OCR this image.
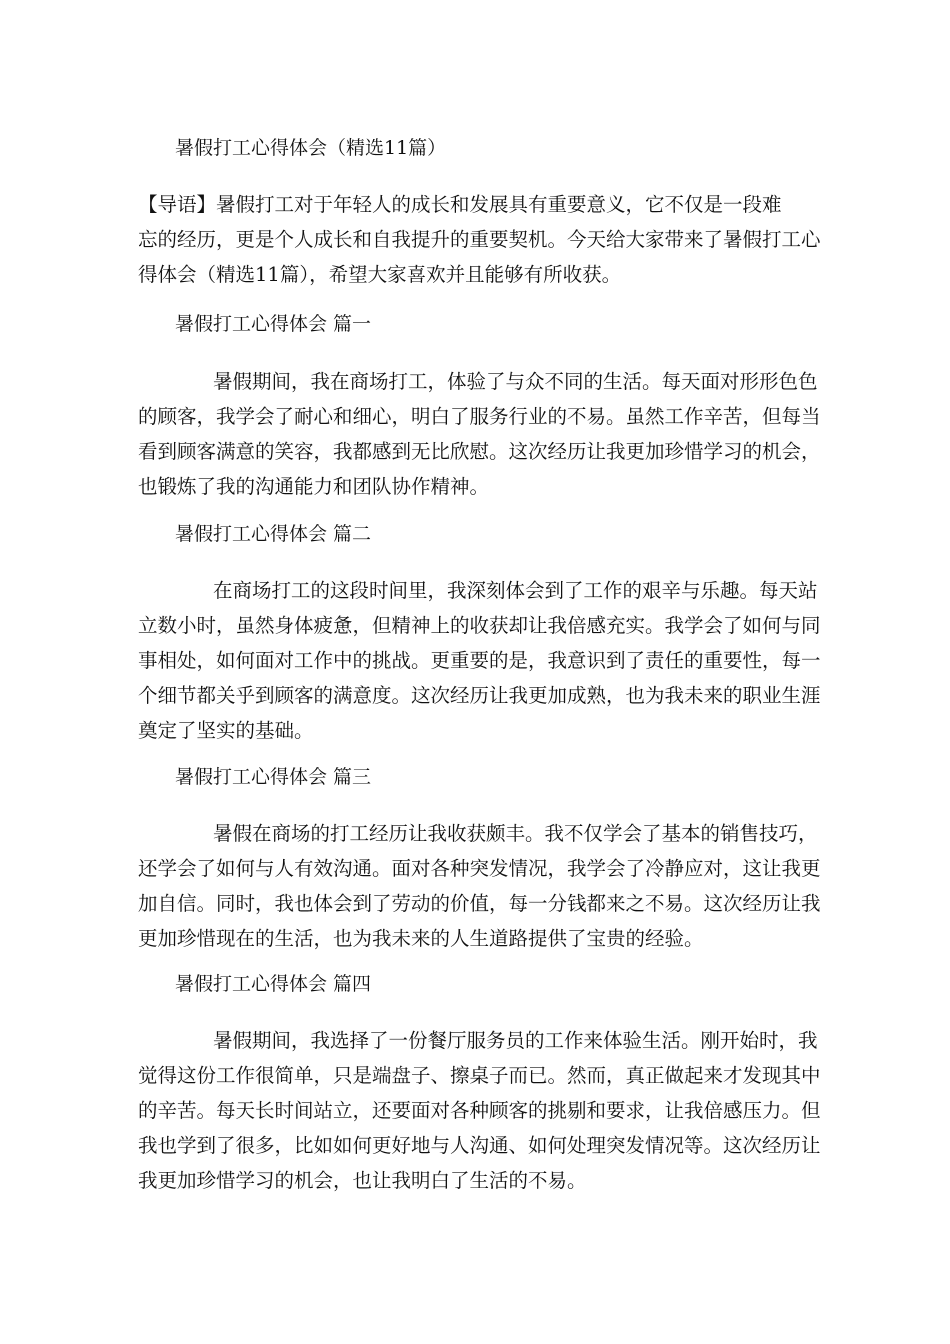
暑假打工心得体会（精选11篇）
【导语】暑假打工对于年轻人的成长和发展具有重要意义，它不仅是一段难
忘的经历，更是个人成长和自我提升的重要契机。今天给大家带来了暑假打工心
得体会（精选11篇），希望大家喜欢并且能够有所收获。
暑假打工心得体会 篇一
暑假期间，我在商场打工，体验了与众不同的生活。每天面对形形色色
的顾客，我学会了耐心和细心，明白了服务行业的不易。虽然工作辛苦，但每当
看到顾客满意的笑容，我都感到无比欣慰。这次经历让我更加珍惜学习的机会，
也锻炼了我的沟通能力和团队协作精神。
暑假打工心得体会 篇二
在商场打工的这段时间里，我深刻体会到了工作的艰辛与乐趣。每天站
立数小时，虽然身体疲惫，但精神上的收获却让我倍感充实。我学会了如何与同
事相处，如何面对工作中的挑战。更重要的是，我意识到了责任的重要性，每一
个细节都关乎到顾客的满意度。这次经历让我更加成熟，也为我未来的职业生涯
奠定了坚实的基础。
暑假打工心得体会 篇三
暑假在商场的打工经历让我收获颇丰。我不仅学会了基本的销售技巧，
还学会了如何与人有效沟通。面对各种突发情况，我学会了冷静应对，这让我更
加自信。同时，我也体会到了劳动的价值，每一分钱都来之不易。这次经历让我
更加珍惜现在的生活，也为我未来的人生道路提供了宝贵的经验。
暑假打工心得体会 篇四
暑假期间，我选择了一份餐厅服务员的工作来体验生活。刚开始时，我
觉得这份工作很简单，只是端盘子、擦桌子而已。然而，真正做起来才发现其中
的辛苦。每天长时间站立，还要面对各种顾客的挑剔和要求，让我倍感压力。但
我也学到了很多，比如如何更好地与人沟通、如何处理突发情况等。这次经历让
我更加珍惜学习的机会，也让我明白了生活的不易。
